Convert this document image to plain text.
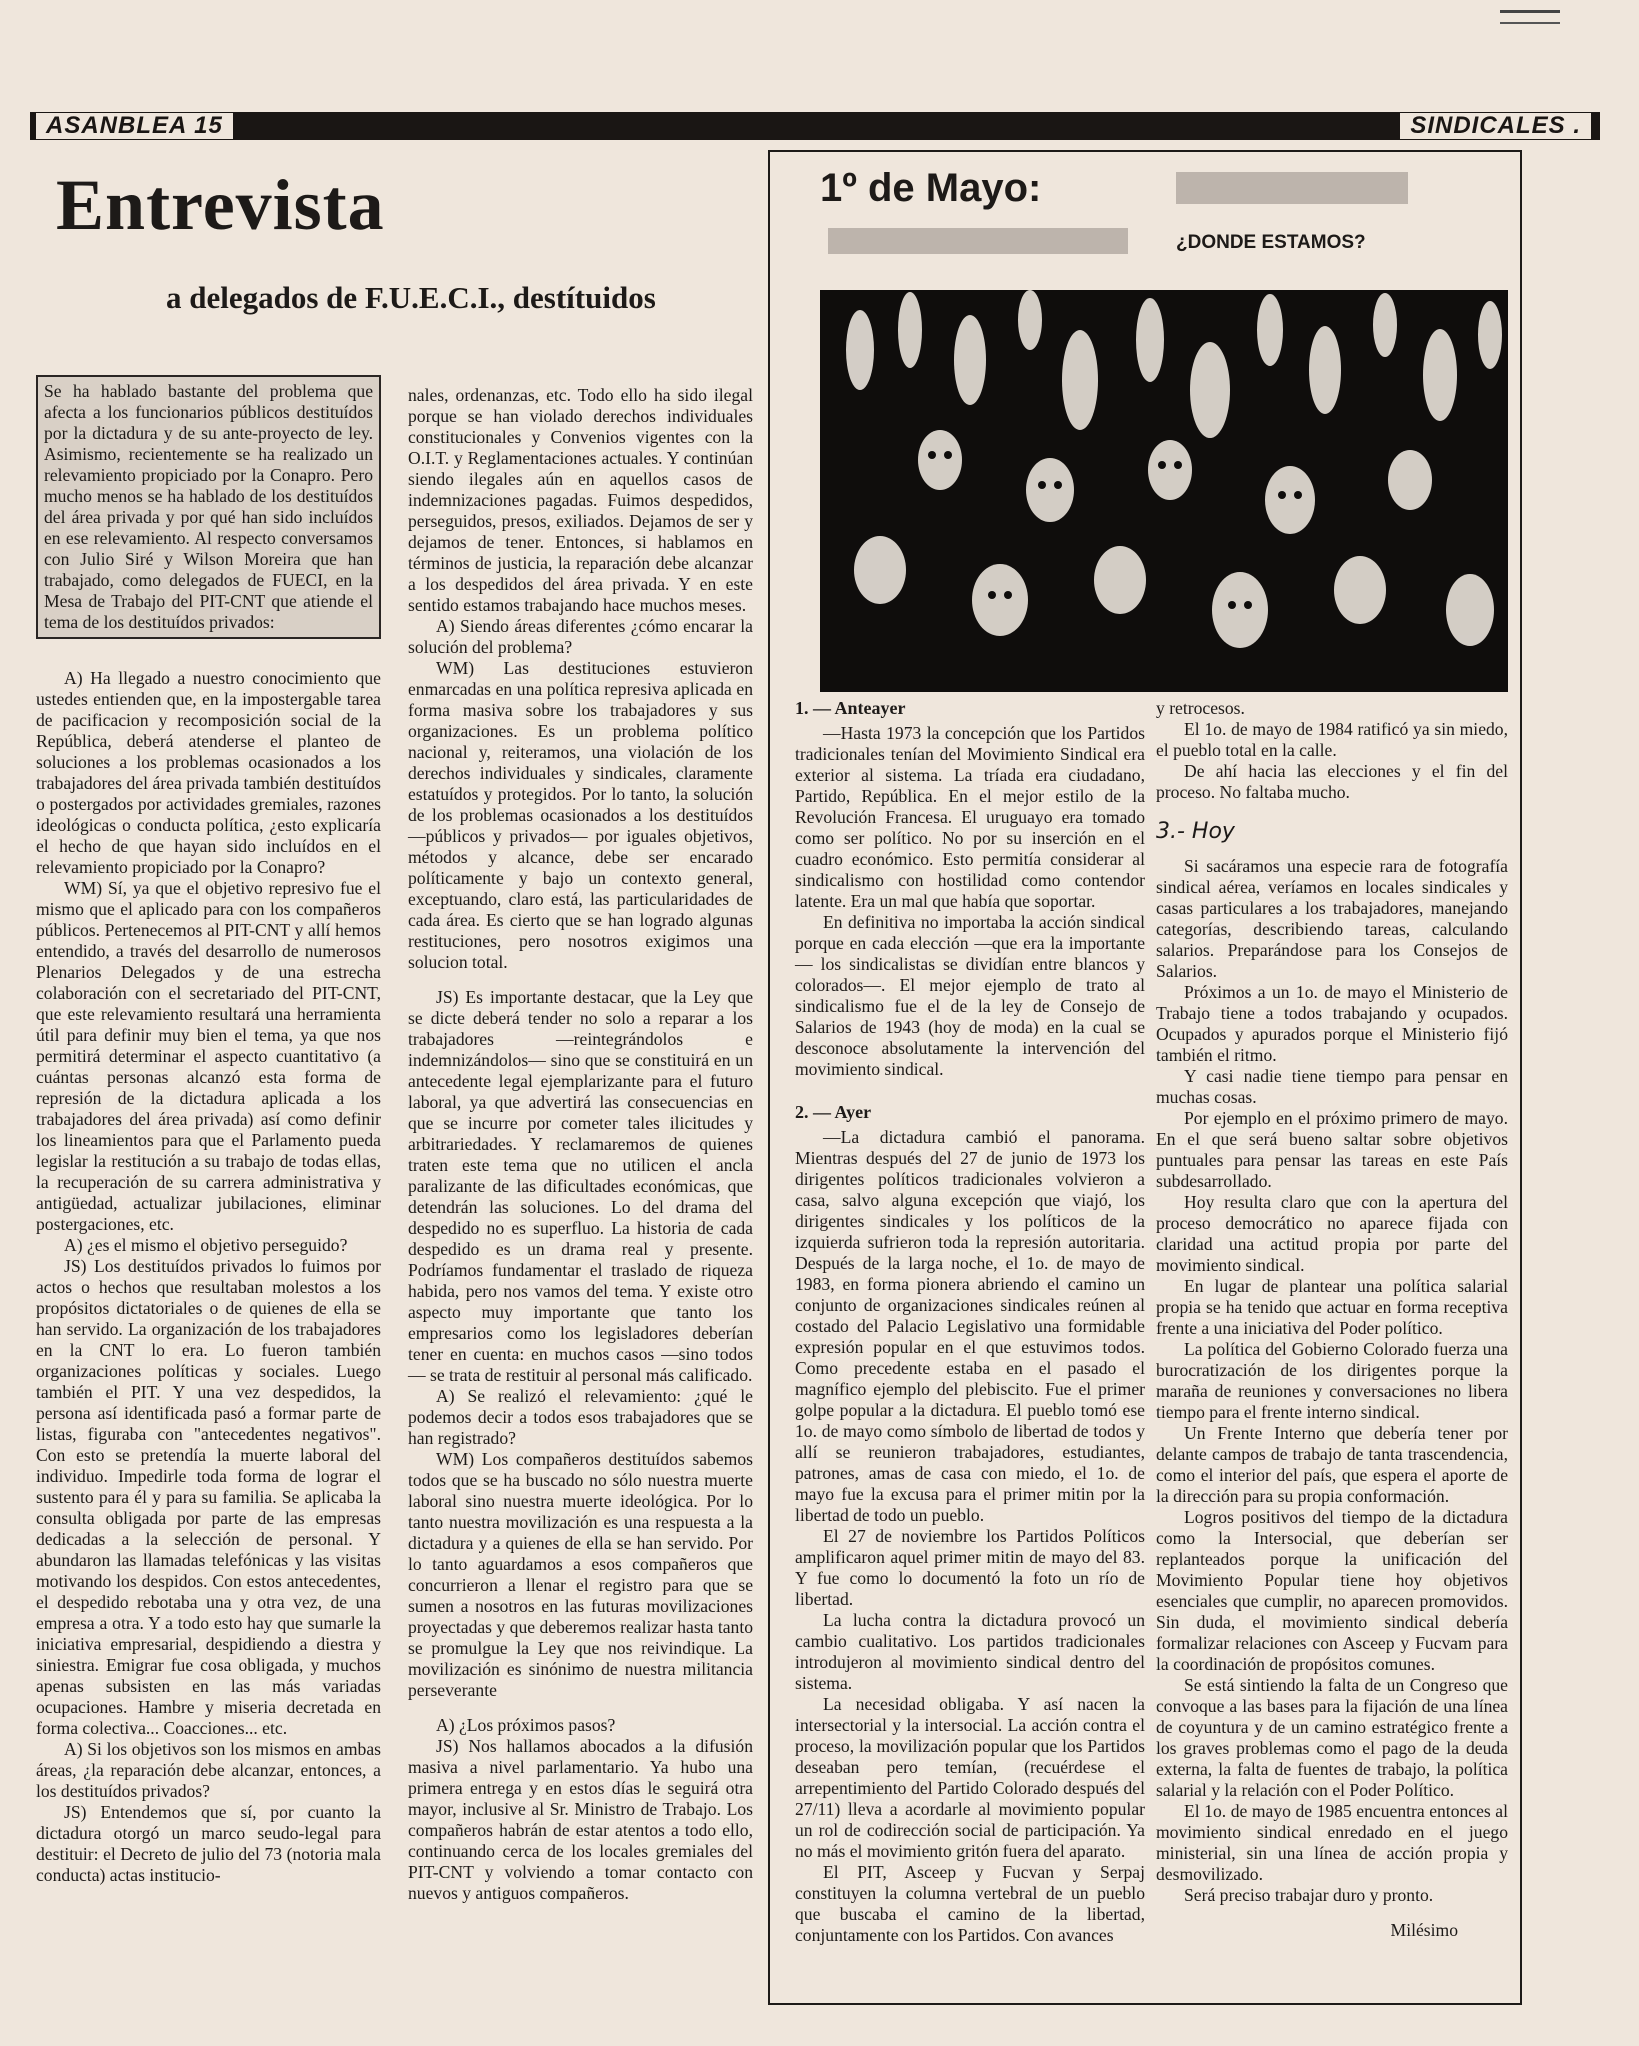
ASANBLEA 15	SINDICALES .
Entrevista
a delegados de F.U.E.C.I., destítuidos
Se ha hablado bastante del problema que afecta a los funcionarios públicos destituídos por la dictadura y de su ante-proyecto de ley. Asimismo, recientemente se ha realizado un relevamiento propiciado por la Conapro. Pero mucho menos se ha hablado de los destituídos del área privada y por qué han sido incluídos en ese relevamiento. Al respecto conversamos con Julio Siré y Wilson Moreira que han trabajado, como delegados de FUECI, en la Mesa de Trabajo del PIT-CNT que atiende el tema de los destituídos privados:

A) Ha llegado a nuestro conocimiento que ustedes entienden que, en la impostergable tarea de pacificacion y recomposición social de la República, deberá atenderse el planteo de soluciones a los problemas ocasionados a los trabajadores del área privada también destituídos o postergados por actividades gremiales, razones ideológicas o conducta política, ¿esto explicaría el hecho de que hayan sido incluídos en el relevamiento propiciado por la Conapro?

WM) Sí, ya que el objetivo represivo fue el mismo que el aplicado para con los compañeros públicos. Pertenecemos al PIT-CNT y allí hemos entendido, a través del desarrollo de numerosos Plenarios Delegados y de una estrecha colaboración con el secretariado del PIT-CNT, que este relevamiento resultará una herramienta útil para definir muy bien el tema, ya que nos permitirá determinar el aspecto cuantitativo (a cuántas personas alcanzó esta forma de represión de la dictadura aplicada a los trabajadores del área privada) así como definir los lineamientos para que el Parlamento pueda legislar la restitución a su trabajo de todas ellas, la recuperación de su carrera administrativa y antigüedad, actualizar jubilaciones, eliminar postergaciones, etc.

A) ¿es el mismo el objetivo perseguido?

JS) Los destituídos privados lo fuimos por actos o hechos que resultaban molestos a los propósitos dictatoriales o de quienes de ella se han servido. La organización de los trabajadores en la CNT lo era. Lo fueron también organizaciones políticas y sociales. Luego también el PIT. Y una vez despedidos, la persona así identificada pasó a formar parte de listas, figuraba con "antecedentes negativos". Con esto se pretendía la muerte laboral del individuo. Impedirle toda forma de lograr el sustento para él y para su familia. Se aplicaba la consulta obligada por parte de las empresas dedicadas a la selección de personal. Y abundaron las llamadas telefónicas y las visitas motivando los despidos. Con estos antecedentes, el despedido rebotaba una y otra vez, de una empresa a otra. Y a todo esto hay que sumarle la iniciativa empresarial, despidiendo a diestra y siniestra. Emigrar fue cosa obligada, y muchos apenas subsisten en las más variadas ocupaciones. Hambre y miseria decretada en forma colectiva... Coacciones... etc.

A) Si los objetivos son los mismos en ambas áreas, ¿la reparación debe alcanzar, entonces, a los destituídos privados?

JS) Entendemos que sí, por cuanto la dictadura otorgó un marco seudo-legal para destituir: el Decreto de julio del 73 (notoria mala conducta) actas institucio-

nales, ordenanzas, etc. Todo ello ha sido ilegal porque se han violado derechos individuales constitucionales y Convenios vigentes con la O.I.T. y Reglamentaciones actuales. Y continúan siendo ilegales aún en aquellos casos de indemnizaciones pagadas. Fuimos despedidos, perseguidos, presos, exiliados. Dejamos de ser y dejamos de tener. Entonces, si hablamos en términos de justicia, la reparación debe alcanzar a los despedidos del área privada. Y en este sentido estamos trabajando hace muchos meses.

A) Siendo áreas diferentes ¿cómo encarar la solución del problema?

WM) Las destituciones estuvieron enmarcadas en una política represiva aplicada en forma masiva sobre los trabajadores y sus organizaciones. Es un problema político nacional y, reiteramos, una violación de los derechos individuales y sindicales, claramente estatuídos y protegidos. Por lo tanto, la solución de los problemas ocasionados a los destituídos —públicos y privados— por iguales objetivos, métodos y alcance, debe ser encarado políticamente y bajo un contexto general, exceptuando, claro está, las particularidades de cada área. Es cierto que se han logrado algunas restituciones, pero nosotros exigimos una solucion total.

JS) Es importante destacar, que la Ley que se dicte deberá tender no solo a reparar a los trabajadores —reintegrándolos e indemnizándolos— sino que se constituirá en un antecedente legal ejemplarizante para el futuro laboral, ya que advertirá las consecuencias en que se incurre por cometer tales ilicitudes y arbitrariedades. Y reclamaremos de quienes traten este tema que no utilicen el ancla paralizante de las dificultades económicas, que detendrán las soluciones. Lo del drama del despedido no es superfluo. La historia de cada despedido es un drama real y presente. Podríamos fundamentar el traslado de riqueza habida, pero nos vamos del tema. Y existe otro aspecto muy importante que tanto los empresarios como los legisladores deberían tener en cuenta: en muchos casos —sino todos— se trata de restituir al personal más calificado.

A) Se realizó el relevamiento: ¿qué le podemos decir a todos esos trabajadores que se han registrado?

WM) Los compañeros destituídos sabemos todos que se ha buscado no sólo nuestra muerte laboral sino nuestra muerte ideológica. Por lo tanto nuestra movilización es una respuesta a la dictadura y a quienes de ella se han servido. Por lo tanto aguardamos a esos compañeros que concurrieron a llenar el registro para que se sumen a nosotros en las futuras movilizaciones proyectadas y que deberemos realizar hasta tanto se promulgue la Ley que nos reivindique. La movilización es sinónimo de nuestra militancia perseverante

A) ¿Los próximos pasos?

JS) Nos hallamos abocados a la difusión masiva a nivel parlamentario. Ya hubo una primera entrega y en estos días le seguirá otra mayor, inclusive al Sr. Ministro de Trabajo. Los compañeros habrán de estar atentos a todo ello, continuando cerca de los locales gremiales del PIT-CNT y volviendo a tomar contacto con nuevos y antiguos compañeros.

1º de Mayo:
¿DONDE ESTAMOS?
1. — Anteayer

—Hasta 1973 la concepción que los Partidos tradicionales tenían del Movimiento Sindical era exterior al sistema. La tríada era ciudadano, Partido, República. En el mejor estilo de la Revolución Francesa. El uruguayo era tomado como ser político. No por su inserción en el cuadro económico. Esto permitía considerar al sindicalismo con hostilidad como contendor latente. Era un mal que había que soportar.

En definitiva no importaba la acción sindical porque en cada elección —que era la importante— los sindicalistas se dividían entre blancos y colorados—. El mejor ejemplo de trato al sindicalismo fue el de la ley de Consejo de Salarios de 1943 (hoy de moda) en la cual se desconoce absolutamente la intervención del movimiento sindical.

2. — Ayer

—La dictadura cambió el panorama. Mientras después del 27 de junio de 1973 los dirigentes políticos tradicionales volvieron a casa, salvo alguna excepción que viajó, los dirigentes sindicales y los políticos de la izquierda sufrieron toda la represión autoritaria. Después de la larga noche, el 1o. de mayo de 1983, en forma pionera abriendo el camino un conjunto de organizaciones sindicales reúnen al costado del Palacio Legislativo una formidable expresión popular en el que estuvimos todos. Como precedente estaba en el pasado el magnífico ejemplo del plebiscito. Fue el primer golpe popular a la dictadura. El pueblo tomó ese 1o. de mayo como símbolo de libertad de todos y allí se reunieron trabajadores, estudiantes, patrones, amas de casa con miedo, el 1o. de mayo fue la excusa para el primer mitin por la libertad de todo un pueblo.

El 27 de noviembre los Partidos Políticos amplificaron aquel primer mitin de mayo del 83. Y fue como lo documentó la foto un río de libertad.

La lucha contra la dictadura provocó un cambio cualitativo. Los partidos tradicionales introdujeron al movimiento sindical dentro del sistema.

La necesidad obligaba. Y así nacen la intersectorial y la intersocial. La acción contra el proceso, la movilización popular que los Partidos deseaban pero temían, (recuérdese el arrepentimiento del Partido Colorado después del 27/11) lleva a acordarle al movimiento popular un rol de codirección social de participación. Ya no más el movimiento gritón fuera del aparato.

El PIT, Asceep y Fucvan y Serpaj constituyen la columna vertebral de un pueblo que buscaba el camino de la libertad, conjuntamente con los Partidos. Con avances

y retrocesos.

El 1o. de mayo de 1984 ratificó ya sin miedo, el pueblo total en la calle.

De ahí hacia las elecciones y el fin del proceso. No faltaba mucho.

3.- Hoy

Si sacáramos una especie rara de fotografía sindical aérea, veríamos en locales sindicales y casas particulares a los trabajadores, manejando categorías, describiendo tareas, calculando salarios. Preparándose para los Consejos de Salarios.

Próximos a un 1o. de mayo el Ministerio de Trabajo tiene a todos trabajando y ocupados. Ocupados y apurados porque el Ministerio fijó también el ritmo.

Y casi nadie tiene tiempo para pensar en muchas cosas.

Por ejemplo en el próximo primero de mayo. En el que será bueno saltar sobre objetivos puntuales para pensar las tareas en este País subdesarrollado.

Hoy resulta claro que con la apertura del proceso democrático no aparece fijada con claridad una actitud propia por parte del movimiento sindical.

En lugar de plantear una política salarial propia se ha tenido que actuar en forma receptiva frente a una iniciativa del Poder político.

La política del Gobierno Colorado fuerza una burocratización de los dirigentes porque la maraña de reuniones y conversaciones no libera tiempo para el frente interno sindical.

Un Frente Interno que debería tener por delante campos de trabajo de tanta trascendencia, como el interior del país, que espera el aporte de la dirección para su propia conformación.

Logros positivos del tiempo de la dictadura como la Intersocial, que deberían ser replanteados porque la unificación del Movimiento Popular tiene hoy objetivos esenciales que cumplir, no aparecen promovidos. Sin duda, el movimiento sindical debería formalizar relaciones con Asceep y Fucvam para la coordinación de propósitos comunes.

Se está sintiendo la falta de un Congreso que convoque a las bases para la fijación de una línea de coyuntura y de un camino estratégico frente a los graves problemas como el pago de la deuda externa, la falta de fuentes de trabajo, la política salarial y la relación con el Poder Político.

El 1o. de mayo de 1985 encuentra entonces al movimiento sindical enredado en el juego ministerial, sin una línea de acción propia y desmovilizado.

Será preciso trabajar duro y pronto.

Milésimo
